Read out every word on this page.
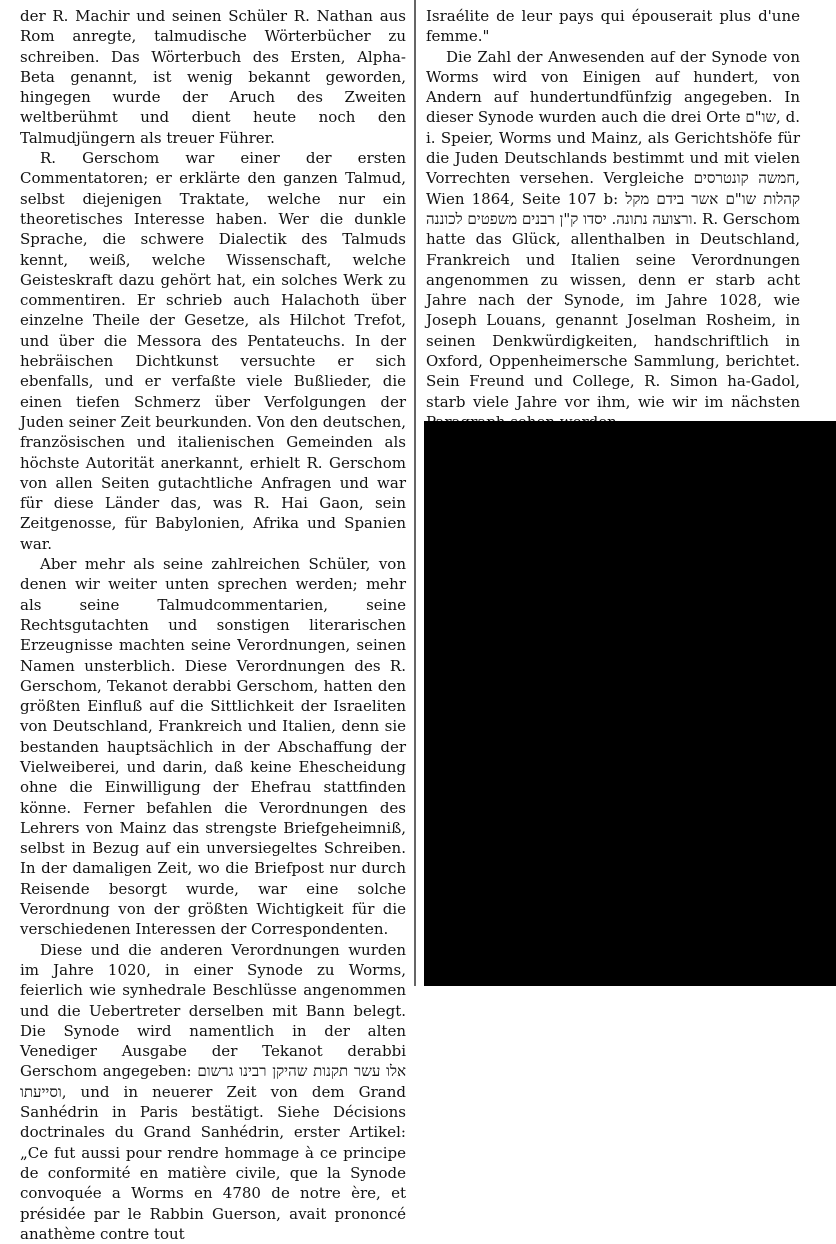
der R. Machir und seinen Schüler R. Nathan aus Rom anregte, talmudische Wörterbücher zu schreiben. Das Wörterbuch des Ersten, Alpha-Beta genannt, ist wenig bekannt geworden, hingegen wurde der Aruch des Zweiten weltberühmt und dient heute noch den Talmudjüngern als treuer Führer.

R. Gerschom war einer der ersten Commentatoren; er erklärte den ganzen Talmud, selbst diejenigen Traktate, welche nur ein theoretisches Interesse haben. Wer die dunkle Sprache, die schwere Dialectik des Talmuds kennt, weiß, welche Wissenschaft, welche Geisteskraft dazu gehört hat, ein solches Werk zu commentiren. Er schrieb auch Halachoth über einzelne Theile der Gesetze, als Hilchot Trefot, und über die Messora des Pentateuchs. In der hebräischen Dichtkunst versuchte er sich ebenfalls, und er verfaßte viele Bußlieder, die einen tiefen Schmerz über Verfolgungen der Juden seiner Zeit beurkunden. Von den deutschen, französischen und italienischen Gemeinden als höchste Autorität anerkannt, erhielt R. Gerschom von allen Seiten gutachtliche Anfragen und war für diese Länder das, was R. Hai Gaon, sein Zeitgenosse, für Babylonien, Afrika und Spanien war.

Aber mehr als seine zahlreichen Schüler, von denen wir weiter unten sprechen werden; mehr als seine Talmudcommentarien, seine Rechtsgutachten und sonstigen literarischen Erzeugnisse machten seine Verordnungen, seinen Namen unsterblich. Diese Verordnungen des R. Gerschom, Tekanot derabbi Gerschom, hatten den größten Einfluß auf die Sittlichkeit der Israeliten von Deutschland, Frankreich und Italien, denn sie bestanden hauptsächlich in der Abschaffung der Vielweiberei, und darin, daß keine Ehescheidung ohne die Einwilligung der Ehefrau stattfinden könne. Ferner befahlen die Verordnungen des Lehrers von Mainz das strengste Briefgeheimniß, selbst in Bezug auf ein unversiegeltes Schreiben. In der damaligen Zeit, wo die Briefpost nur durch Reisende besorgt wurde, war eine solche Verordnung von der größten Wichtigkeit für die verschiedenen Interessen der Correspondenten.

Diese und die anderen Verordnungen wurden im Jahre 1020, in einer Synode zu Worms, feierlich wie synhedrale Beschlüsse angenommen und die Uebertreter derselben mit Bann belegt. Die Synode wird namentlich in der alten Venediger Ausgabe der Tekanot derabbi Gerschom angegeben: אלו עשר תקנות שהיקן רבינו גרשום וסייעתו, und in neuerer Zeit von dem Grand Sanhédrin in Paris bestätigt. Siehe Décisions doctrinales du Grand Sanhédrin, erster Artikel: „Ce fut aussi pour rendre hommage à ce principe de conformité en matière civile, que la Synode convoquée a Worms en 4780 de notre ère, et présidée par le Rabbin Guerson, avait prononcé anathème contre tout

Israélite de leur pays qui épouserait plus d'une femme."

Die Zahl der Anwesenden auf der Synode von Worms wird von Einigen auf hundert, von Andern auf hundertundfünfzig angegeben. In dieser Synode wurden auch die drei Orte שו"ם, d. i. Speier, Worms und Mainz, als Gerichtshöfe für die Juden Deutschlands bestimmt und mit vielen Vorrechten versehen. Vergleiche חמשה קונטרסים, Wien 1864, Seite 107 b: קהלות שו"ם אשר בידם מקל ורצועה נתונה. יסדו ק"ן רבנים משפטים לכוננה. R. Gerschom hatte das Glück, allenthalben in Deutschland, Frankreich und Italien seine Verordnungen angenommen zu wissen, denn er starb acht Jahre nach der Synode, im Jahre 1028, wie Joseph Louans, genannt Joselman Rosheim, in seinen Denkwürdigkeiten, handschriftlich in Oxford, Oppenheimersche Sammlung, berichtet. Sein Freund und College, R. Simon ha-Gadol, starb viele Jahre vor ihm, wie wir im nächsten
